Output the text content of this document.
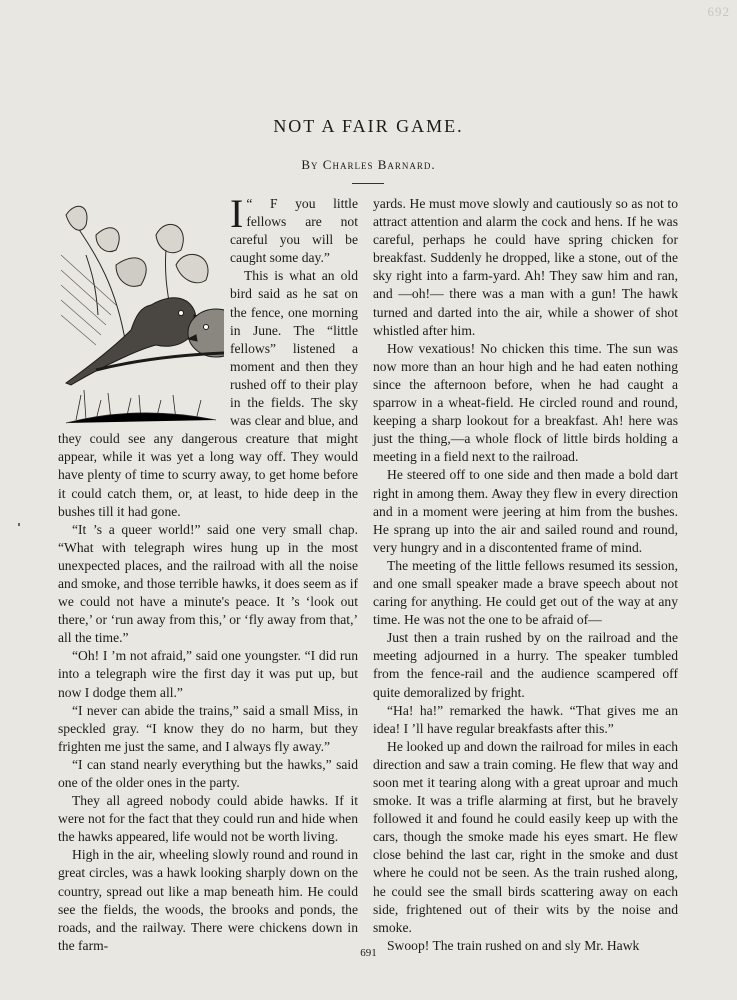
692
NOT A FAIR GAME.
By Charles Barnard.

I “ F you little fellows are not careful you will be caught some day.”

This is what an old bird said as he sat on the fence, one morning in June. The “little fellows” listened a moment and then they rushed off to their play in the fields. The sky was clear and blue, and they could see any dangerous creature that might appear, while it was yet a long way off. They would have plenty of time to scurry away, to get home before it could catch them, or, at least, to hide deep in the bushes till it had gone.

“It ’s a queer world!” said one very small chap. “What with telegraph wires hung up in the most unexpected places, and the railroad with all the noise and smoke, and those terrible hawks, it does seem as if we could not have a minute's peace. It ’s ‘look out there,’ or ‘run away from this,’ or ‘fly away from that,’ all the time.”

“Oh! I ’m not afraid,” said one youngster. “I did run into a telegraph wire the first day it was put up, but now I dodge them all.”

“I never can abide the trains,” said a small Miss, in speckled gray. “I know they do no harm, but they frighten me just the same, and I always fly away.”

“I can stand nearly everything but the hawks,” said one of the older ones in the party.

They all agreed nobody could abide hawks. If it were not for the fact that they could run and hide when the hawks appeared, life would not be worth living.

High in the air, wheeling slowly round and round in great circles, was a hawk looking sharply down on the country, spread out like a map beneath him. He could see the fields, the woods, the brooks and ponds, the roads, and the railway. There were chickens down in the farm-

yards. He must move slowly and cautiously so as not to attract attention and alarm the cock and hens. If he was careful, perhaps he could have spring chicken for breakfast. Suddenly he dropped, like a stone, out of the sky right into a farm-yard. Ah! They saw him and ran, and —oh!— there was a man with a gun! The hawk turned and darted into the air, while a shower of shot whistled after him.

How vexatious! No chicken this time. The sun was now more than an hour high and he had eaten nothing since the afternoon before, when he had caught a sparrow in a wheat-field. He circled round and round, keeping a sharp lookout for a breakfast. Ah! here was just the thing,—a whole flock of little birds holding a meeting in a field next to the railroad.

He steered off to one side and then made a bold dart right in among them. Away they flew in every direction and in a moment were jeering at him from the bushes. He sprang up into the air and sailed round and round, very hungry and in a discontented frame of mind.

The meeting of the little fellows resumed its session, and one small speaker made a brave speech about not caring for anything. He could get out of the way at any time. He was not the one to be afraid of—

Just then a train rushed by on the railroad and the meeting adjourned in a hurry. The speaker tumbled from the fence-rail and the audience scampered off quite demoralized by fright.

“Ha! ha!” remarked the hawk. “That gives me an idea! I ’ll have regular breakfasts after this.”

He looked up and down the railroad for miles in each direction and saw a train coming. He flew that way and soon met it tearing along with a great uproar and much smoke. It was a trifle alarming at first, but he bravely followed it and found he could easily keep up with the cars, though the smoke made his eyes smart. He flew close behind the last car, right in the smoke and dust where he could not be seen. As the train rushed along, he could see the small birds scattering away on each side, frightened out of their wits by the noise and smoke.

Swoop! The train rushed on and sly Mr. Hawk

691
